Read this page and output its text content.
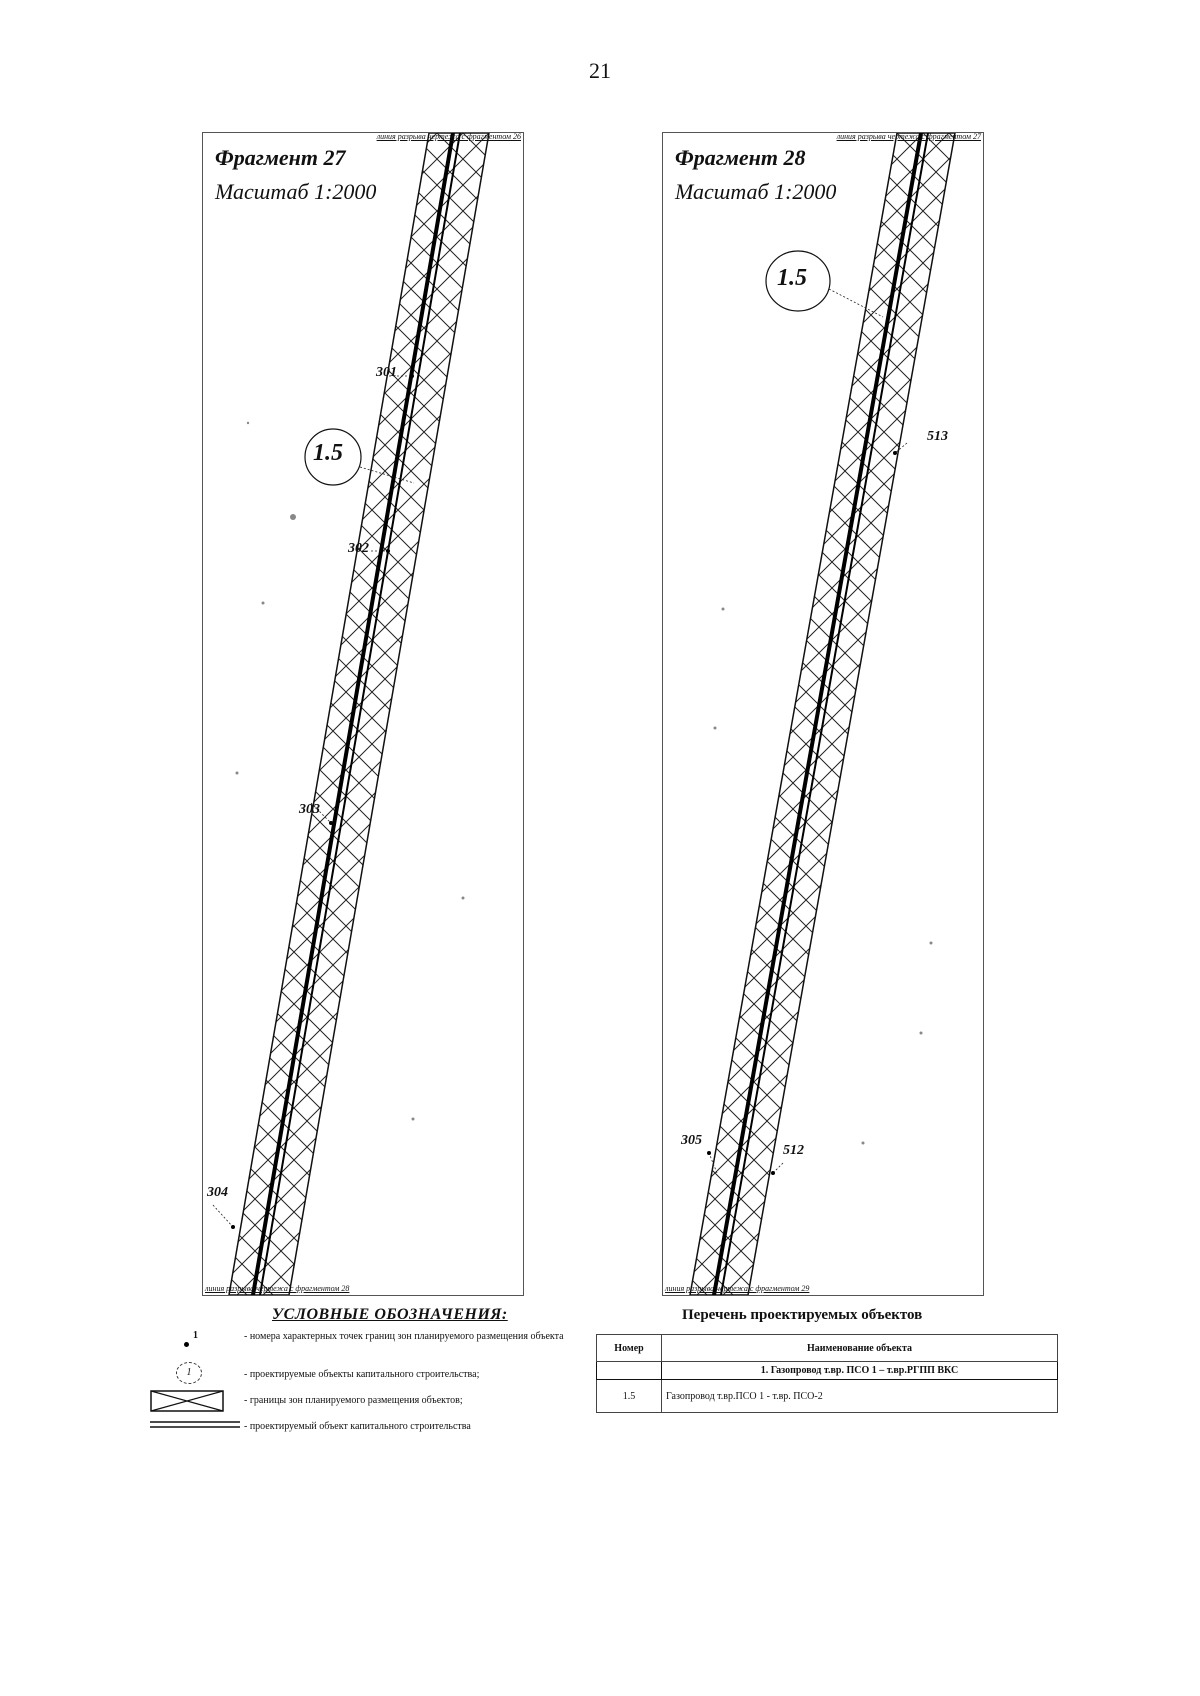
21
линия разрыва чертежа с фрагментом 26
Фрагмент 27
Масштаб 1:2000
1.5
301
302
303
304
линия разрыва чертежа с фрагментом 28
линия разрыва чертежа с фрагментом 27
Фрагмент 28
Масштаб 1:2000
1.5
513
305
512
линия разрыва чертежа с фрагментом 29
УСЛОВНЫЕ ОБОЗНАЧЕНИЯ:
1	- номера характерных точек границ зон планируемого размещения объекта
1	- проектируемые объекты капитального строительства;
- границы зон планируемого размещения объектов;
- проектируемый объект капитального строительства
Перечень проектируемых объектов
Номер	Наименование объекта
	1. Газопровод т.вр. ПСО 1 – т.вр.РГПП ВКС
1.5	Газопровод т.вр.ПСО 1 - т.вр. ПСО-2
